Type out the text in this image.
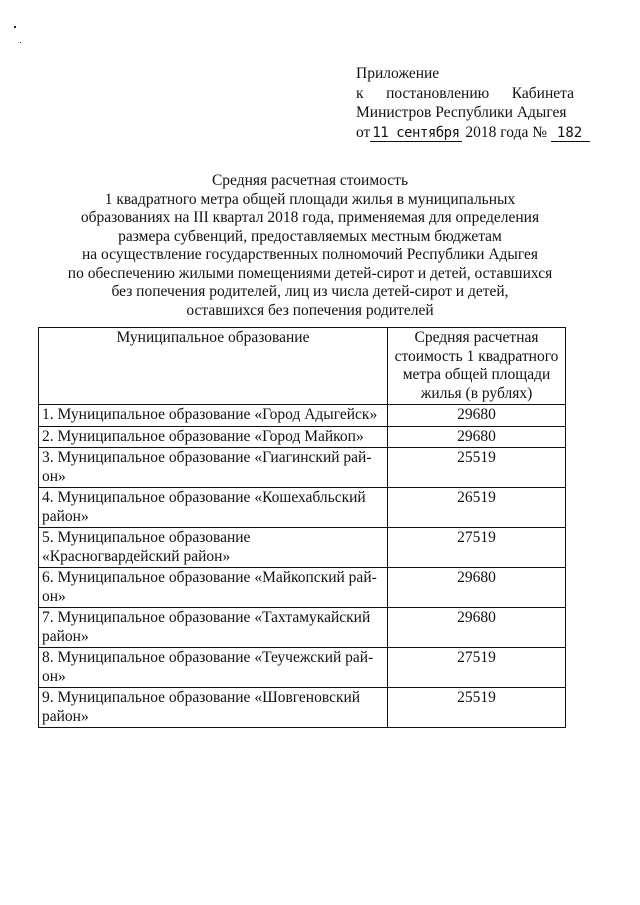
Приложение
к постановлению Кабинета
Министров Республики Адыгея
от 11 сентября 2018 года № 182
Средняя расчетная стоимость
1 квадратного метра общей площади жилья в муниципальных
образованиях на III квартал 2018 года, применяемая для определения
размера субвенций, предоставляемых местным бюджетам
на осуществление государственных полномочий Республики Адыгея
по обеспечению жилыми помещениями детей-сирот и детей, оставшихся
без попечения родителей, лиц из числа детей-сирот и детей,
оставшихся без попечения родителей
Муниципальное образование	Средняя расчетная стоимость 1 квадратного метра общей площади жилья (в рублях)
1. Муниципальное образование «Город Адыгейск»	29680
2. Муниципальное образование «Город Майкоп»	29680
3. Муниципальное образование «Гиагинский рай-он»	25519
4. Муниципальное образование «Кошехабльский район»	26519
5. Муниципальное образование «Красногвардейский район»	27519
6. Муниципальное образование «Майкопский рай-он»	29680
7. Муниципальное образование «Тахтамукайский район»	29680
8. Муниципальное образование «Теучежский рай-он»	27519
9. Муниципальное образование «Шовгеновский район»	25519
